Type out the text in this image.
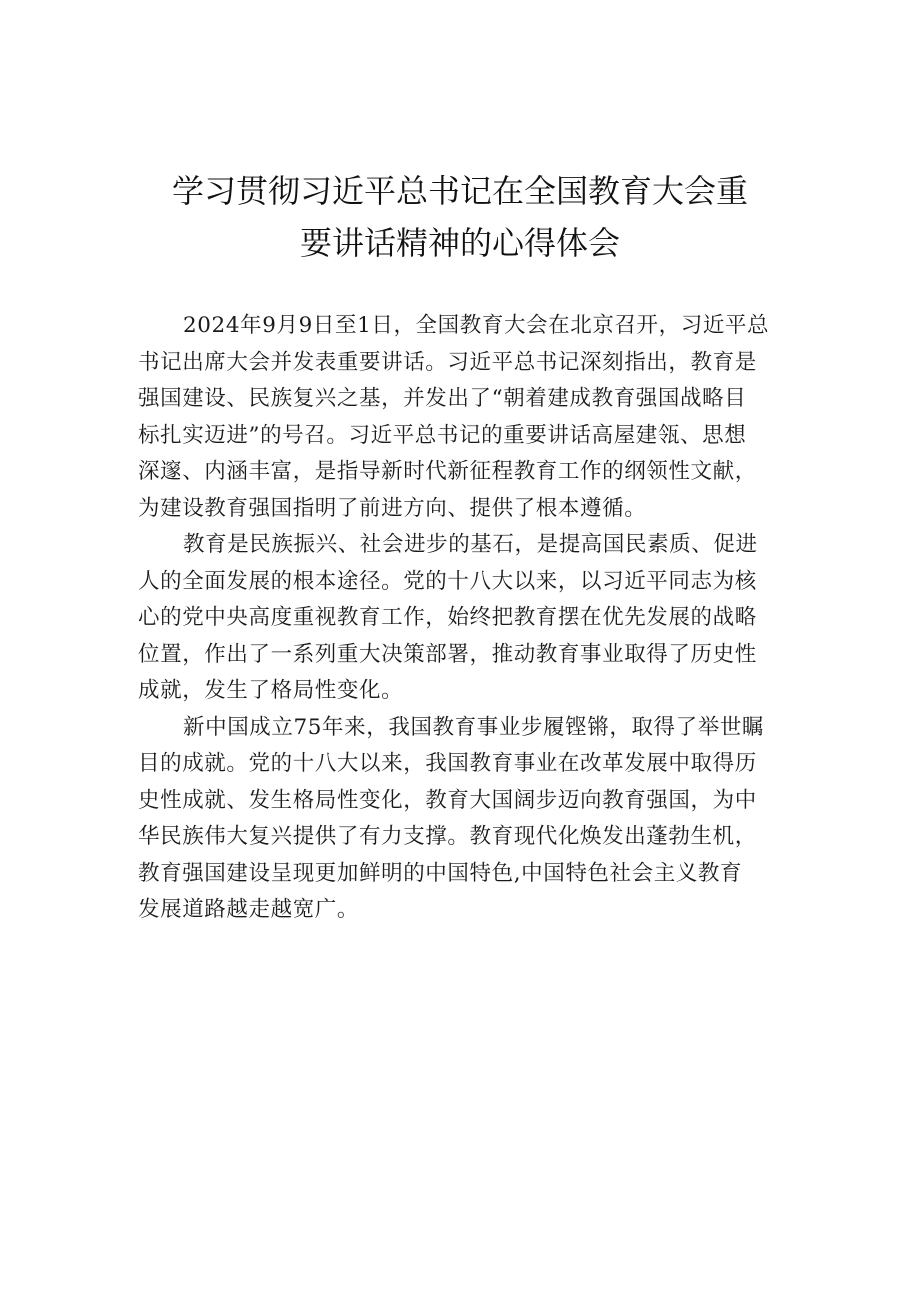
学习贯彻习近平总书记在全国教育大会重
要讲话精神的心得体会

2024年9月9日至1日，全国教育大会在北京召开，习近平总
书记出席大会并发表重要讲话。习近平总书记深刻指出，教育是
强国建设、民族复兴之基，并发出了“朝着建成教育强国战略目
标扎实迈进”的号召。习近平总书记的重要讲话高屋建瓴、思想
深邃、内涵丰富，是指导新时代新征程教育工作的纲领性文献，
为建设教育强国指明了前进方向、提供了根本遵循。

教育是民族振兴、社会进步的基石，是提高国民素质、促进
人的全面发展的根本途径。党的十八大以来，以习近平同志为核
心的党中央高度重视教育工作，始终把教育摆在优先发展的战略
位置，作出了一系列重大决策部署，推动教育事业取得了历史性
成就，发生了格局性变化。

新中国成立75年来，我国教育事业步履铿锵，取得了举世瞩
目的成就。党的十八大以来，我国教育事业在改革发展中取得历
史性成就、发生格局性变化，教育大国阔步迈向教育强国，为中
华民族伟大复兴提供了有力支撑。教育现代化焕发出蓬勃生机，
教育强国建设呈现更加鲜明的中国特色,中国特色社会主义教育
发展道路越走越宽广。
